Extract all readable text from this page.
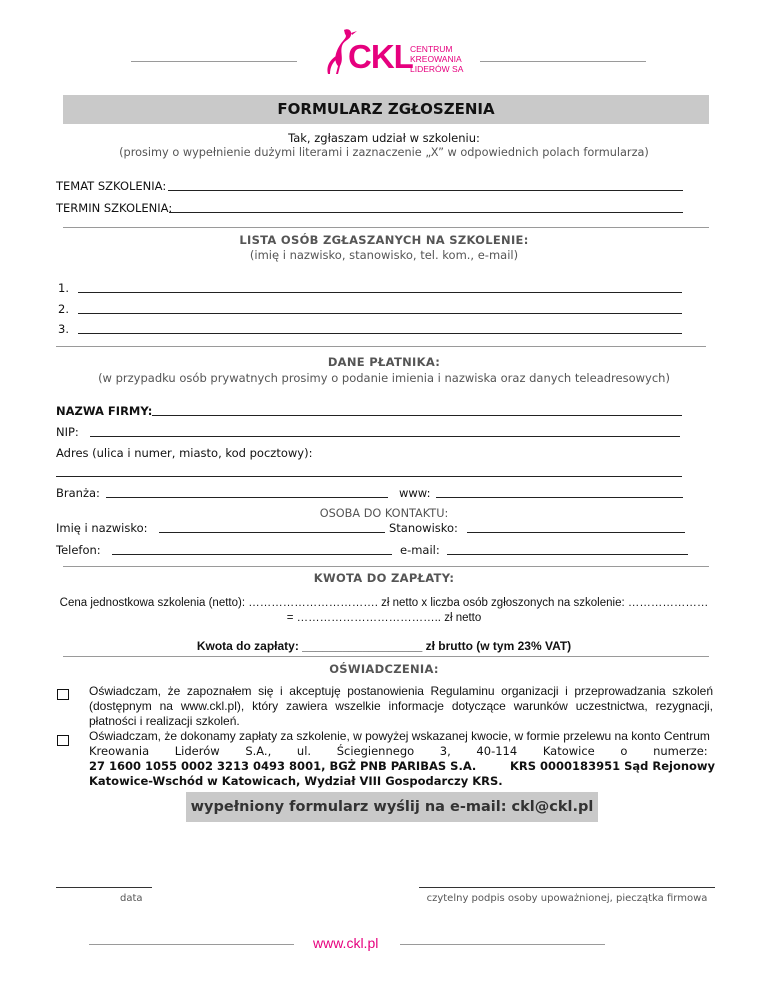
CKL
CENTRUM
KREOWANIA
LIDERÓW SA
FORMULARZ ZGŁOSZENIA
Tak, zgłaszam udział w szkoleniu:
(prosimy o wypełnienie dużymi literami i zaznaczenie „X” w odpowiednich polach formularza)
TEMAT SZKOLENIA:
TERMIN SZKOLENIA:
LISTA OSÓB ZGŁASZANYCH NA SZKOLENIE:
(imię i nazwisko, stanowisko, tel. kom., e-mail)
1.
2.
3.
DANE PŁATNIKA:
(w przypadku osób prywatnych prosimy o podanie imienia i nazwiska oraz danych teleadresowych)
NAZWA FIRMY:
NIP:
Adres (ulica i numer, miasto, kod pocztowy):
Branża:	www:
OSOBA DO KONTAKTU:
Imię i nazwisko:	Stanowisko:
Telefon:	e-mail:
KWOTA DO ZAPŁATY:
Cena jednostkowa szkolenia (netto): ……………………………. zł netto x liczba osób zgłoszonych na szkolenie: …………………
= ……………………………….. zł netto
Kwota do zapłaty: __________________ zł brutto (w tym 23% VAT)
OŚWIADCZENIA:
Oświadczam, że zapoznałem się i akceptuję postanowienia Regulaminu organizacji i przeprowadzania szkoleń (dostępnym na www.ckl.pl), który zawiera wszelkie informacje dotyczące warunków uczestnictwa, rezygnacji, płatności i realizacji szkoleń.
Oświadczam, że dokonamy zapłaty za szkolenie, w powyżej wskazanej kwocie, w formie przelewu na konto Centrum
Kreowania Liderów S.A., ul. Ściegiennego 3, 40-114 Katowice o numerze:
27 1600 1055 0002 3213 0493 8001, BGŻ PNB PARIBAS S.A.	KRS 0000183951 Sąd Rejonowy
Katowice-Wschód w Katowicach, Wydział VIII Gospodarczy KRS.
wypełniony formularz wyślij na e-mail: ckl@ckl.pl
data	czytelny podpis osoby upoważnionej, pieczątka firmowa
www.ckl.pl
